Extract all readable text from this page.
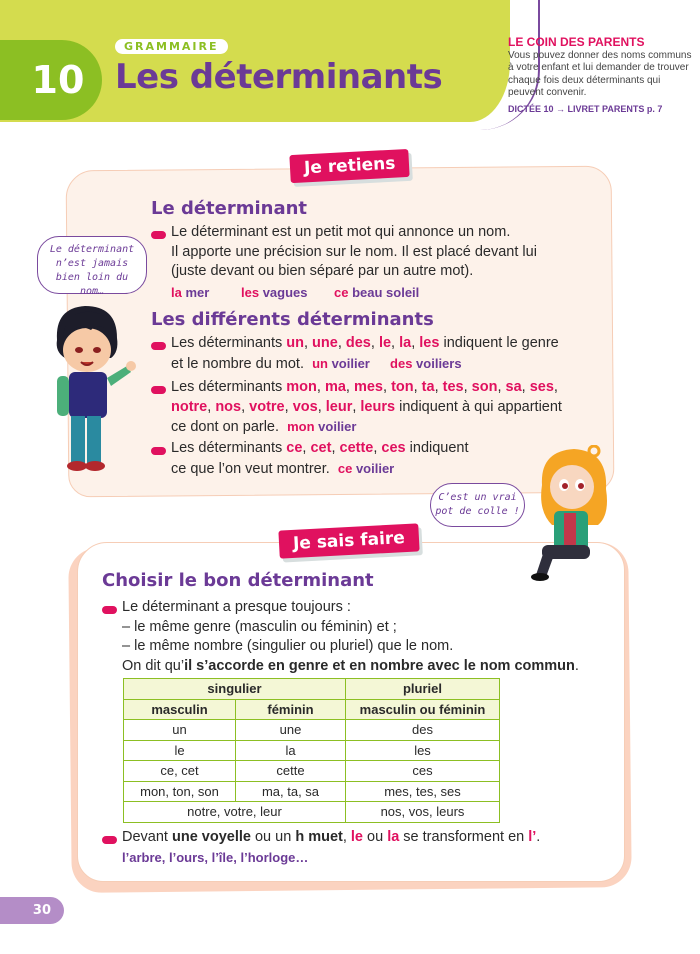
10
GRAMMAIRE
Les déterminants
LE COIN DES PARENTS
Vous pouvez donner des noms communs à votre enfant et lui demander de trouver chaque fois deux déterminants qui peuvent convenir.
DICTÉE 10 → LIVRET PARENTS p. 7
Je retiens
Le déterminant
Le déterminant est un petit mot qui annonce un nom.
Il apporte une précision sur le nom. Il est placé devant lui
(juste devant ou bien séparé par un autre mot).
la mer les vagues ce beau soleil
Les différents déterminants
Les déterminants un, une, des, le, la, les indiquent le genre
et le nombre du mot. un voilier des voiliers
Les déterminants mon, ma, mes, ton, ta, tes, son, sa, ses,
notre, nos, votre, vos, leur, leurs indiquent à qui appartient
ce dont on parle. mon voilier
Les déterminants ce, cet, cette, ces indiquent
ce que l’on veut montrer. ce voilier
Le déterminant n’est jamais bien loin du nom…
Je sais faire
C’est un vrai pot de colle !
Choisir le bon déterminant
Le déterminant a presque toujours :
– le même genre (masculin ou féminin) et ;
– le même nombre (singulier ou pluriel) que le nom.
On dit qu’il s’accorde en genre et en nombre avec le nom commun.
singulier		pluriel
masculin	féminin	masculin ou féminin
un	une	des
le	la	les
ce, cet	cette	ces
mon, ton, son	ma, ta, sa	mes, tes, ses
notre, votre, leur		nos, vos, leurs
Devant une voyelle ou un h muet, le ou la se transforment en l’.
l’arbre, l’ours, l’île, l’horloge…
30
